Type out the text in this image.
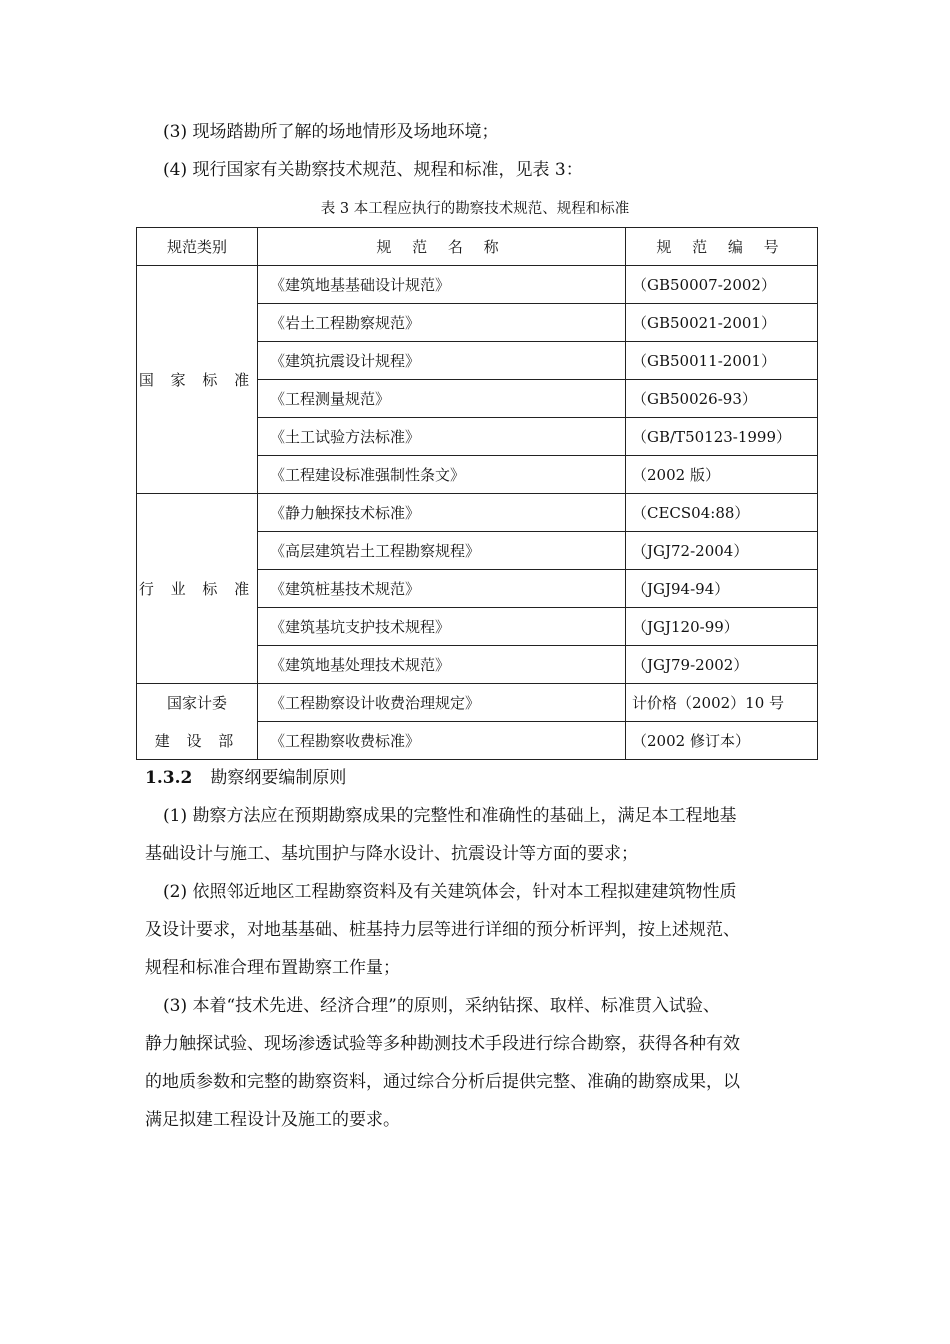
(3) 现场踏勘所了解的场地情形及场地环境；
(4) 现行国家有关勘察技术规范、规程和标准，见表 3：
表 3 本工程应执行的勘察技术规范、规程和标准
规范类别	规 范 名 称	规 范 编 号
国 家 标 准	《建筑地基基础设计规范》	（GB50007-2002）
	《岩土工程勘察规范》	（GB50021-2001）
	《建筑抗震设计规程》	（GB50011-2001）
	《工程测量规范》	（GB50026-93）
	《土工试验方法标准》	（GB/T50123-1999）
	《工程建设标准强制性条文》	（2002 版）
行 业 标 准	《静力触探技术标准》	（CECS04:88）
	《高层建筑岩土工程勘察规程》	（JGJ72-2004）
	《建筑桩基技术规范》	（JGJ94-94）
	《建筑基坑支护技术规程》	（JGJ120-99）
	《建筑地基处理技术规范》	（JGJ79-2002）
国家计委	《工程勘察设计收费治理规定》	计价格（2002）10 号
建 设 部	《工程勘察收费标准》	（2002 修订本）
1.3.2 勘察纲要编制原则
(1) 勘察方法应在预期勘察成果的完整性和准确性的基础上，满足本工程地基
基础设计与施工、基坑围护与降水设计、抗震设计等方面的要求；
(2) 依照邻近地区工程勘察资料及有关建筑体会，针对本工程拟建建筑物性质
及设计要求，对地基基础、桩基持力层等进行详细的预分析评判，按上述规范、
规程和标准合理布置勘察工作量；
(3) 本着“技术先进、经济合理”的原则，采纳钻探、取样、标准贯入试验、
静力触探试验、现场渗透试验等多种勘测技术手段进行综合勘察，获得各种有效
的地质参数和完整的勘察资料，通过综合分析后提供完整、准确的勘察成果，以
满足拟建工程设计及施工的要求。
